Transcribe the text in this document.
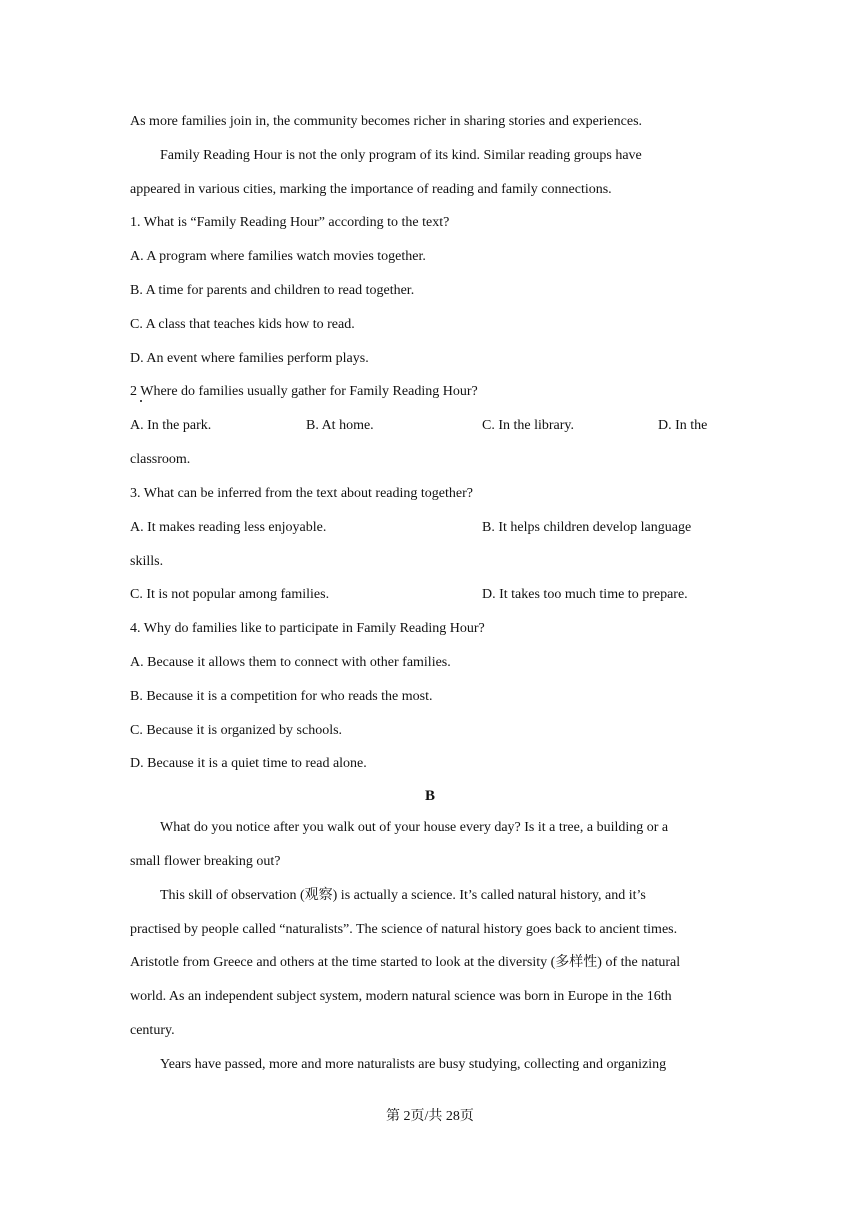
As more families join in, the community becomes richer in sharing stories and experiences.
Family Reading Hour is not the only program of its kind. Similar reading groups have
appeared in various cities, marking the importance of reading and family connections.
1. What is “Family Reading Hour” according to the text?
A. A program where families watch movies together.
B. A time for parents and children to read together.
C. A class that teaches kids how to read.
D. An event where families perform plays.
2 Where do families usually gather for Family Reading Hour?
A. In the park.	B. At home.	C. In the library.	D. In the
classroom.
3. What can be inferred from the text about reading together?
A. It makes reading less enjoyable.	B. It helps children develop language
skills.
C. It is not popular among families.	D. It takes too much time to prepare.
4. Why do families like to participate in Family Reading Hour?
A. Because it allows them to connect with other families.
B. Because it is a competition for who reads the most.
C. Because it is organized by schools.
D. Because it is a quiet time to read alone.
B
What do you notice after you walk out of your house every day? Is it a tree, a building or a
small flower breaking out?
This skill of observation (观察) is actually a science. It’s called natural history, and it’s
practised by people called “naturalists”. The science of natural history goes back to ancient times.
Aristotle from Greece and others at the time started to look at the diversity (多样性) of the natural
world. As an independent subject system, modern natural science was born in Europe in the 16th
century.
Years have passed, more and more naturalists are busy studying, collecting and organizing
第 2页/共 28页
